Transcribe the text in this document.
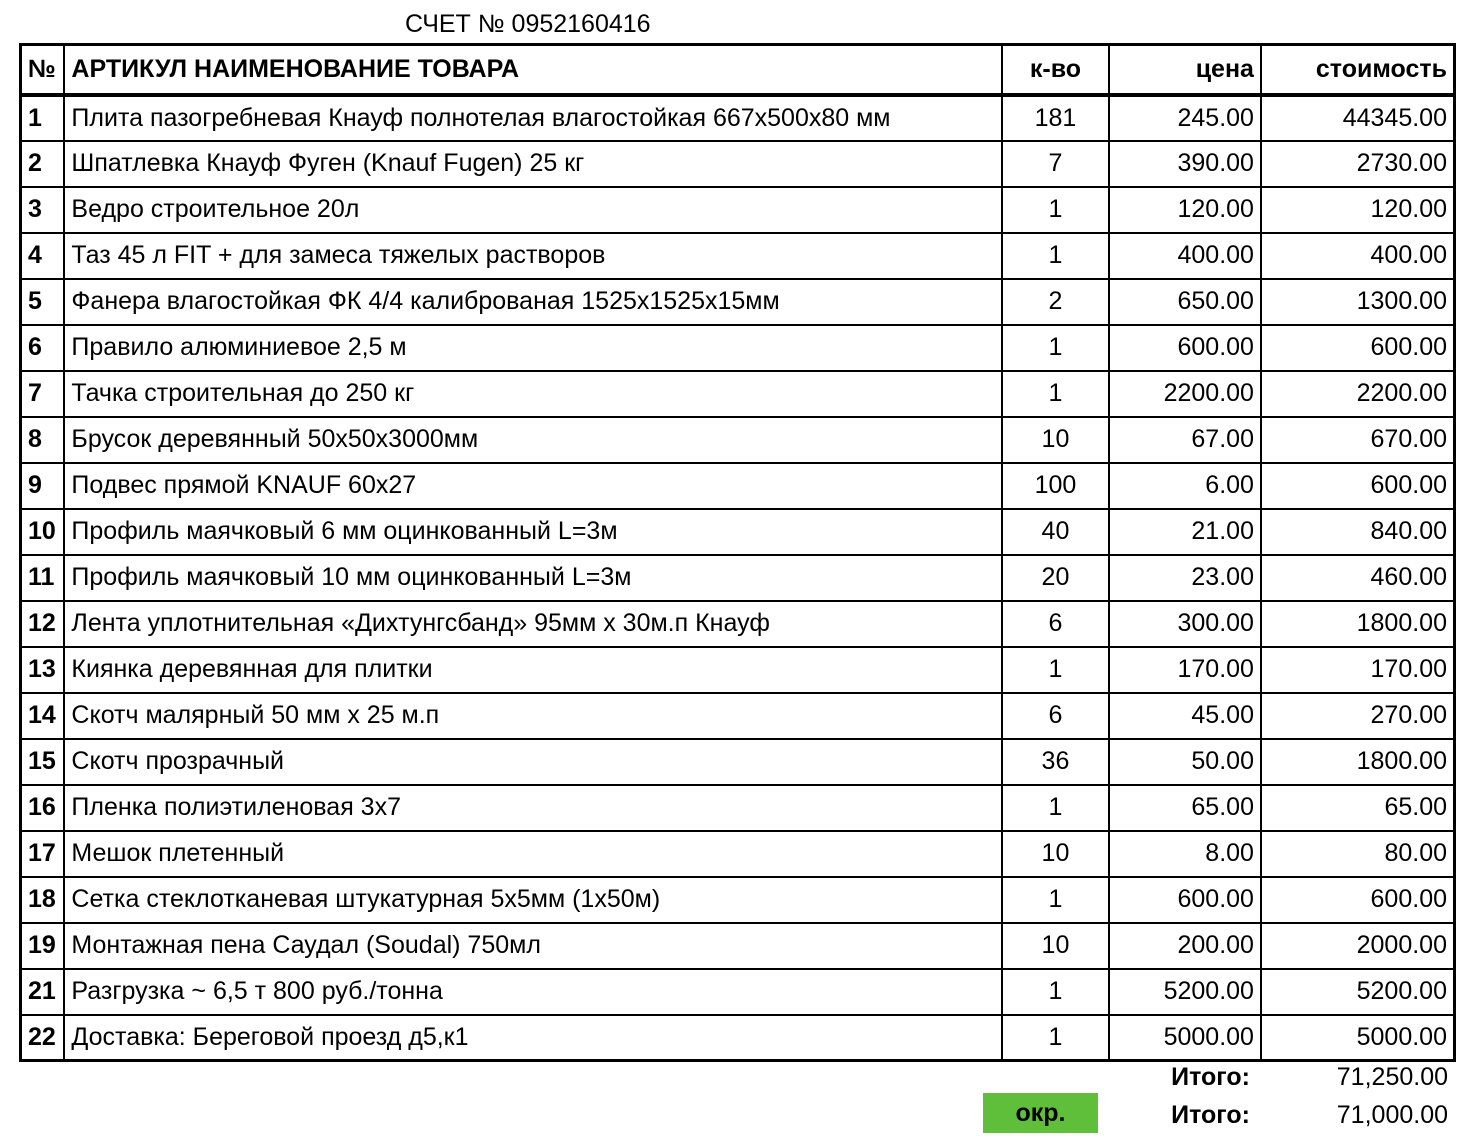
СЧЕТ № 0952160416
№	АРТИКУЛ НАИМЕНОВАНИЕ ТОВАРА	к-во	цена	стоимость
1	Плита пазогребневая Кнауф полнотелая влагостойкая 667х500х80 мм	181	245.00	44345.00
2	Шпатлевка Кнауф Фуген (Knauf Fugen) 25 кг	7	390.00	2730.00
3	Ведро строительное 20л	1	120.00	120.00
4	Таз 45 л FIT + для замеса тяжелых растворов	1	400.00	400.00
5	Фанера влагостойкая ФК 4/4 калиброваная 1525х1525х15мм	2	650.00	1300.00
6	Правило алюминиевое 2,5 м	1	600.00	600.00
7	Тачка строительная до 250 кг	1	2200.00	2200.00
8	Брусок деревянный 50х50х3000мм	10	67.00	670.00
9	Подвес прямой KNAUF 60x27	100	6.00	600.00
10	Профиль маячковый 6 мм оцинкованный L=3м	40	21.00	840.00
11	Профиль маячковый 10 мм оцинкованный L=3м	20	23.00	460.00
12	Лента уплотнительная «Дихтунгсбанд» 95мм х 30м.п Кнауф	6	300.00	1800.00
13	Киянка деревянная для плитки	1	170.00	170.00
14	Скотч малярный 50 мм х 25 м.п	6	45.00	270.00
15	Скотч прозрачный	36	50.00	1800.00
16	Пленка полиэтиленовая 3х7	1	65.00	65.00
17	Мешок плетенный	10	8.00	80.00
18	Сетка стеклотканевая штукатурная 5х5мм (1х50м)	1	600.00	600.00
19	Монтажная пена Саудал (Soudal) 750мл	10	200.00	2000.00
21	Разгрузка ~ 6,5 т 800 руб./тонна	1	5200.00	5200.00
22	Доставка: Береговой проезд д5,к1	1	5000.00	5000.00
Итого:	71,250.00
окр.	Итого:	71,000.00
